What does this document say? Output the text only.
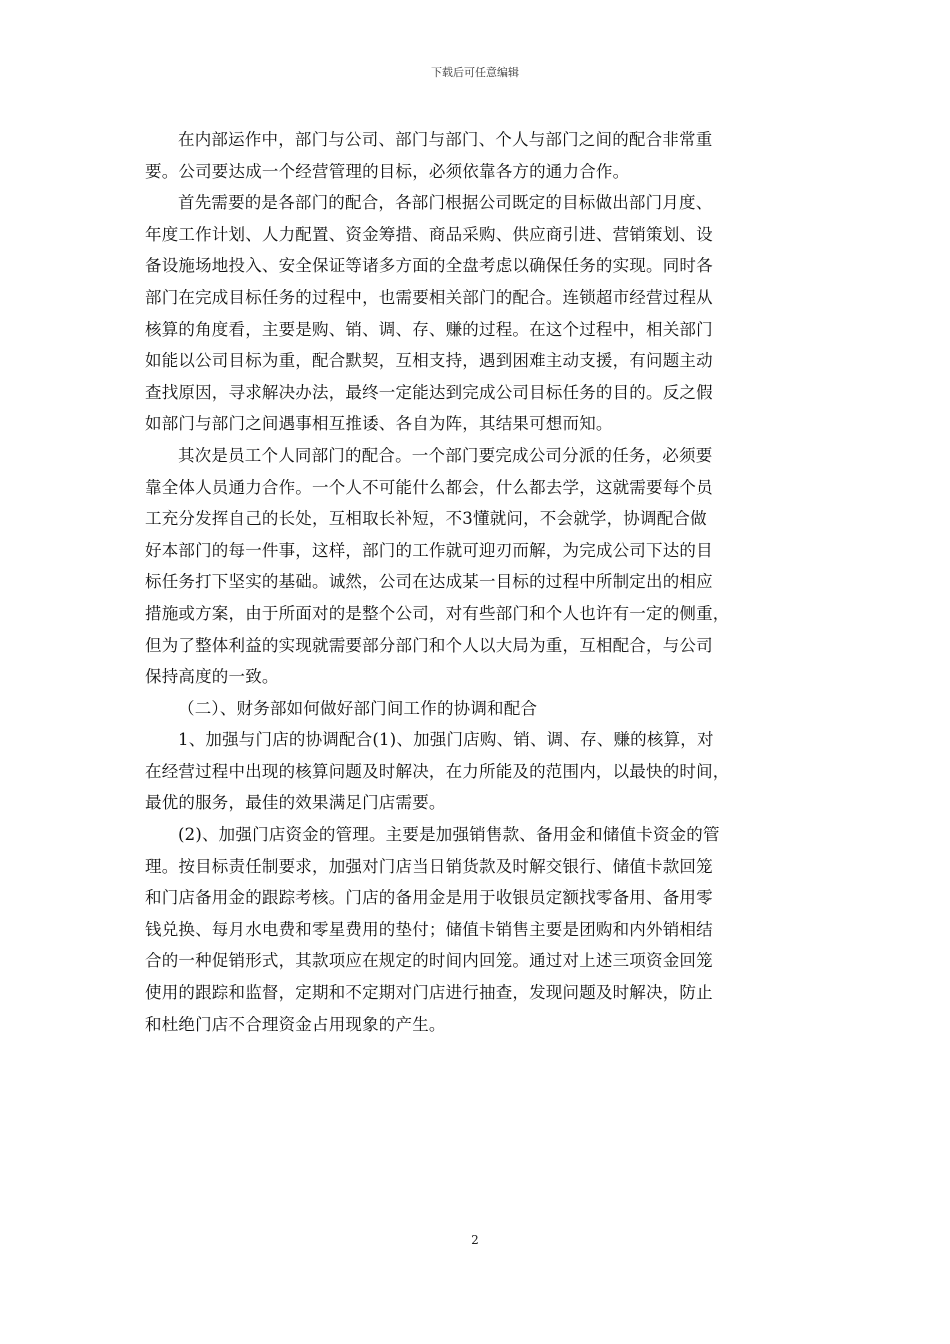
下载后可任意编辑

在内部运作中，部门与公司、部门与部门、个人与部门之间的配合非常重
要。公司要达成一个经营管理的目标，必须依靠各方的通力合作。

首先需要的是各部门的配合，各部门根据公司既定的目标做出部门月度、
年度工作计划、人力配置、资金筹措、商品采购、供应商引进、营销策划、设
备设施场地投入、安全保证等诸多方面的全盘考虑以确保任务的实现。同时各
部门在完成目标任务的过程中，也需要相关部门的配合。连锁超市经营过程从
核算的角度看，主要是购、销、调、存、赚的过程。在这个过程中，相关部门
如能以公司目标为重，配合默契，互相支持，遇到困难主动支援，有问题主动
查找原因，寻求解决办法，最终一定能达到完成公司目标任务的目的。反之假
如部门与部门之间遇事相互推诿、各自为阵，其结果可想而知。

其次是员工个人同部门的配合。一个部门要完成公司分派的任务，必须要
靠全体人员通力合作。一个人不可能什么都会，什么都去学，这就需要每个员
工充分发挥自己的长处，互相取长补短，不3懂就问，不会就学，协调配合做
好本部门的每一件事，这样，部门的工作就可迎刃而解，为完成公司下达的目
标任务打下坚实的基础。诚然，公司在达成某一目标的过程中所制定出的相应
措施或方案，由于所面对的是整个公司，对有些部门和个人也许有一定的侧重，
但为了整体利益的实现就需要部分部门和个人以大局为重，互相配合，与公司
保持高度的一致。

（二）、财务部如何做好部门间工作的协调和配合

1、加强与门店的协调配合(1)、加强门店购、销、调、存、赚的核算，对
在经营过程中出现的核算问题及时解决，在力所能及的范围内，以最快的时间，
最优的服务，最佳的效果满足门店需要。

(2)、加强门店资金的管理。主要是加强销售款、备用金和储值卡资金的管
理。按目标责任制要求，加强对门店当日销货款及时解交银行、储值卡款回笼
和门店备用金的跟踪考核。门店的备用金是用于收银员定额找零备用、备用零
钱兑换、每月水电费和零星费用的垫付；储值卡销售主要是团购和内外销相结
合的一种促销形式，其款项应在规定的时间内回笼。通过对上述三项资金回笼
使用的跟踪和监督，定期和不定期对门店进行抽查，发现问题及时解决，防止
和杜绝门店不合理资金占用现象的产生。

2
